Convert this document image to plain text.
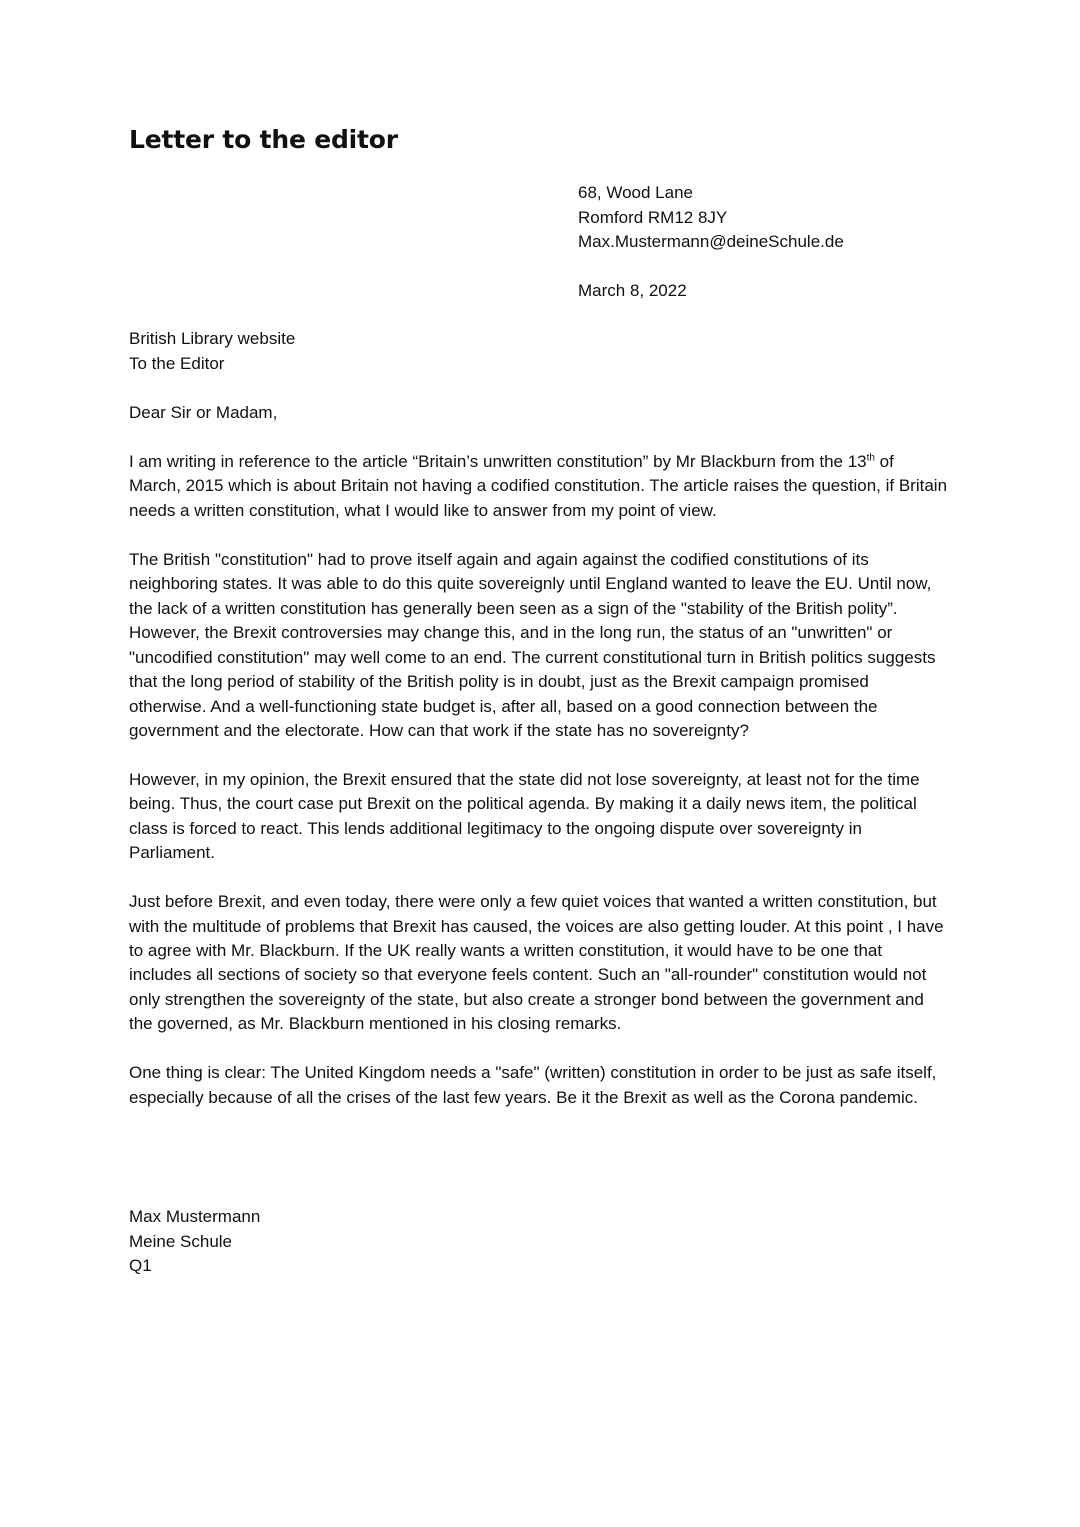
Letter to the editor
68, Wood Lane
Romford RM12 8JY
Max.Mustermann@deineSchule.de
March 8, 2022
British Library website
To the Editor
Dear Sir or Madam,

I am writing in reference to the article “Britain’s unwritten constitution” by Mr Blackburn from the 13th of March, 2015 which is about Britain not having a codified constitution. The article raises the question, if Britain needs a written constitution, what I would like to answer from my point of view.

The British "constitution" had to prove itself again and again against the codified constitutions of its neighboring states. It was able to do this quite sovereignly until England wanted to leave the EU. Until now, the lack of a written constitution has generally been seen as a sign of the "stability of the British polity”. However, the Brexit controversies may change this, and in the long run, the status of an "unwritten" or "uncodified constitution" may well come to an end. The current constitutional turn in British politics suggests that the long period of stability of the British polity is in doubt, just as the Brexit campaign promised otherwise. And a well-functioning state budget is, after all, based on a good connection between the government and the electorate. How can that work if the state has no sovereignty?

However, in my opinion, the Brexit ensured that the state did not lose sovereignty, at least not for the time being. Thus, the court case put Brexit on the political agenda. By making it a daily news item, the political class is forced to react. This lends additional legitimacy to the ongoing dispute over sovereignty in Parliament.

Just before Brexit, and even today, there were only a few quiet voices that wanted a written constitution, but with the multitude of problems that Brexit has caused, the voices are also getting louder. At this point , I have to agree with Mr. Blackburn. If the UK really wants a written constitution, it would have to be one that includes all sections of society so that everyone feels content. Such an "all-rounder" constitution would not only strengthen the sovereignty of the state, but also create a stronger bond between the government and the governed, as Mr. Blackburn mentioned in his closing remarks.

One thing is clear: The United Kingdom needs a "safe" (written) constitution in order to be just as safe itself, especially because of all the crises of the last few years. Be it the Brexit as well as the Corona pandemic.

Max Mustermann
Meine Schule
Q1
